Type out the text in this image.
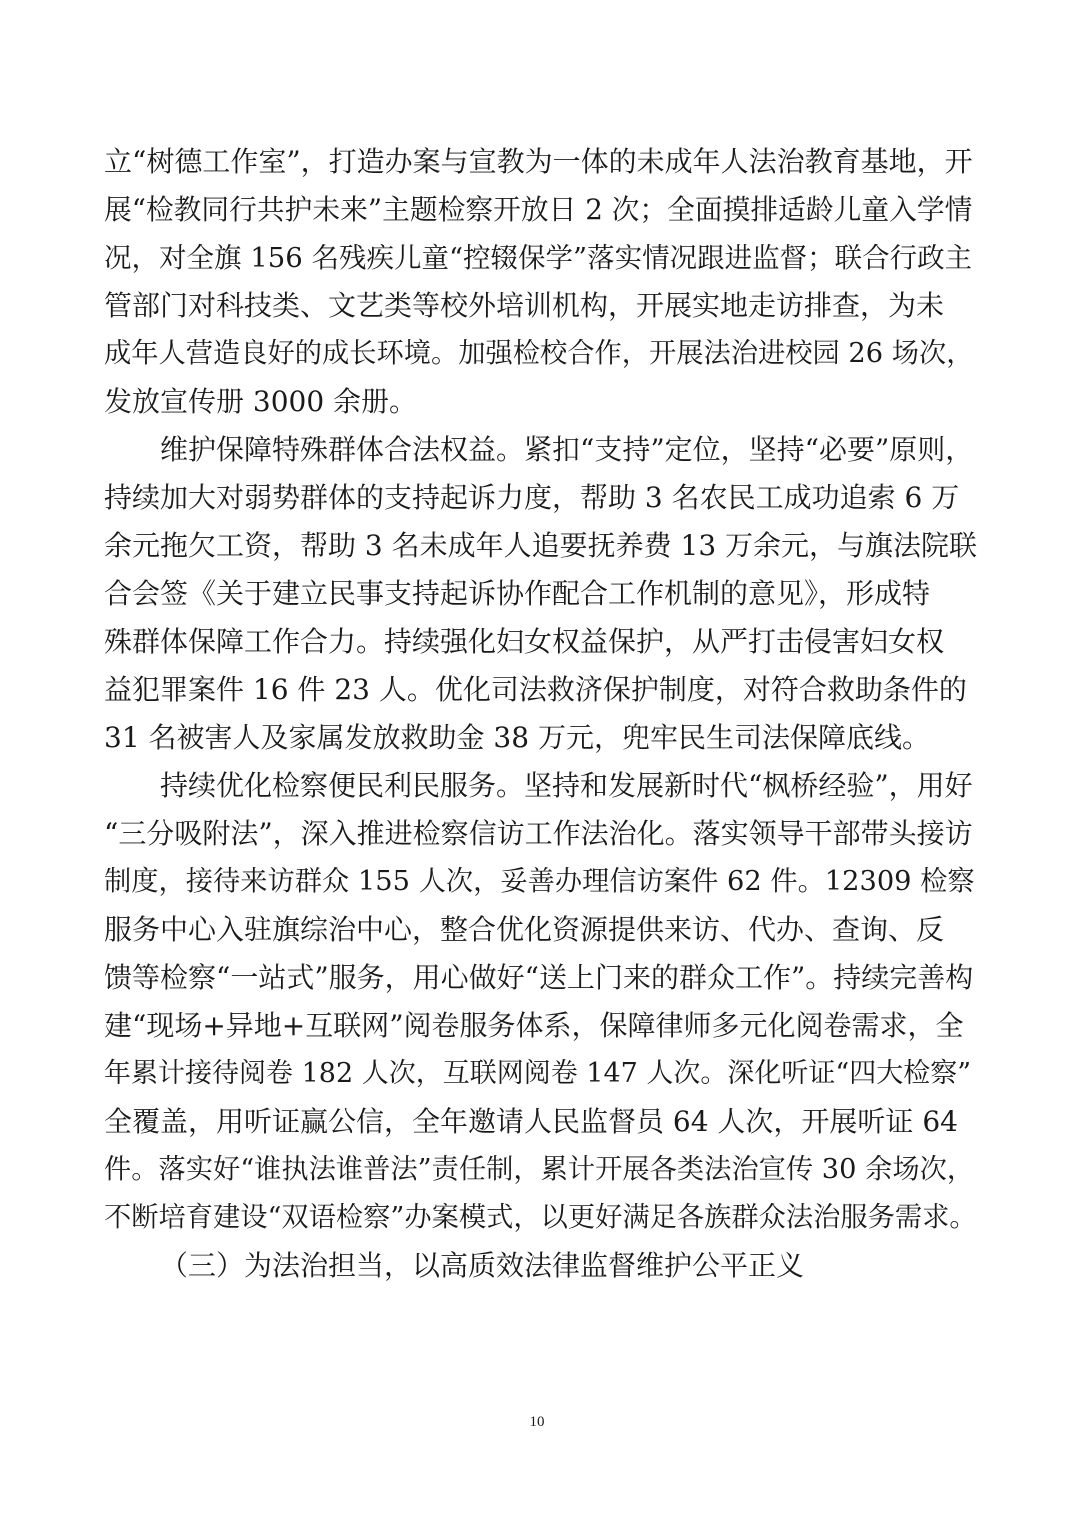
立“树德工作室”，打造办案与宣教为一体的未成年人法治教育基地，开
展“检教同行共护未来”主题检察开放日 2 次；全面摸排适龄儿童入学情
况，对全旗 156 名残疾儿童“控辍保学”落实情况跟进监督；联合行政主
管部门对科技类、文艺类等校外培训机构，开展实地走访排查，为未
成年人营造良好的成长环境。加强检校合作，开展法治进校园 26 场次，
发放宣传册 3000 余册。
维护保障特殊群体合法权益。紧扣“支持”定位，坚持“必要”原则，
持续加大对弱势群体的支持起诉力度，帮助 3 名农民工成功追索 6 万
余元拖欠工资，帮助 3 名未成年人追要抚养费 13 万余元，与旗法院联
合会签《关于建立民事支持起诉协作配合工作机制的意见》，形成特
殊群体保障工作合力。持续强化妇女权益保护，从严打击侵害妇女权
益犯罪案件 16 件 23 人。优化司法救济保护制度，对符合救助条件的
31 名被害人及家属发放救助金 38 万元，兜牢民生司法保障底线。
持续优化检察便民利民服务。坚持和发展新时代“枫桥经验”，用好
“三分吸附法”，深入推进检察信访工作法治化。落实领导干部带头接访
制度，接待来访群众 155 人次，妥善办理信访案件 62 件。12309 检察
服务中心入驻旗综治中心，整合优化资源提供来访、代办、查询、反
馈等检察“一站式”服务，用心做好“送上门来的群众工作”。持续完善构
建“现场+异地+互联网”阅卷服务体系，保障律师多元化阅卷需求，全
年累计接待阅卷 182 人次，互联网阅卷 147 人次。深化听证“四大检察”
全覆盖，用听证赢公信，全年邀请人民监督员 64 人次，开展听证 64
件。落实好“谁执法谁普法”责任制，累计开展各类法治宣传 30 余场次，
不断培育建设“双语检察”办案模式，以更好满足各族群众法治服务需求。
（三）为法治担当，以高质效法律监督维护公平正义
10
